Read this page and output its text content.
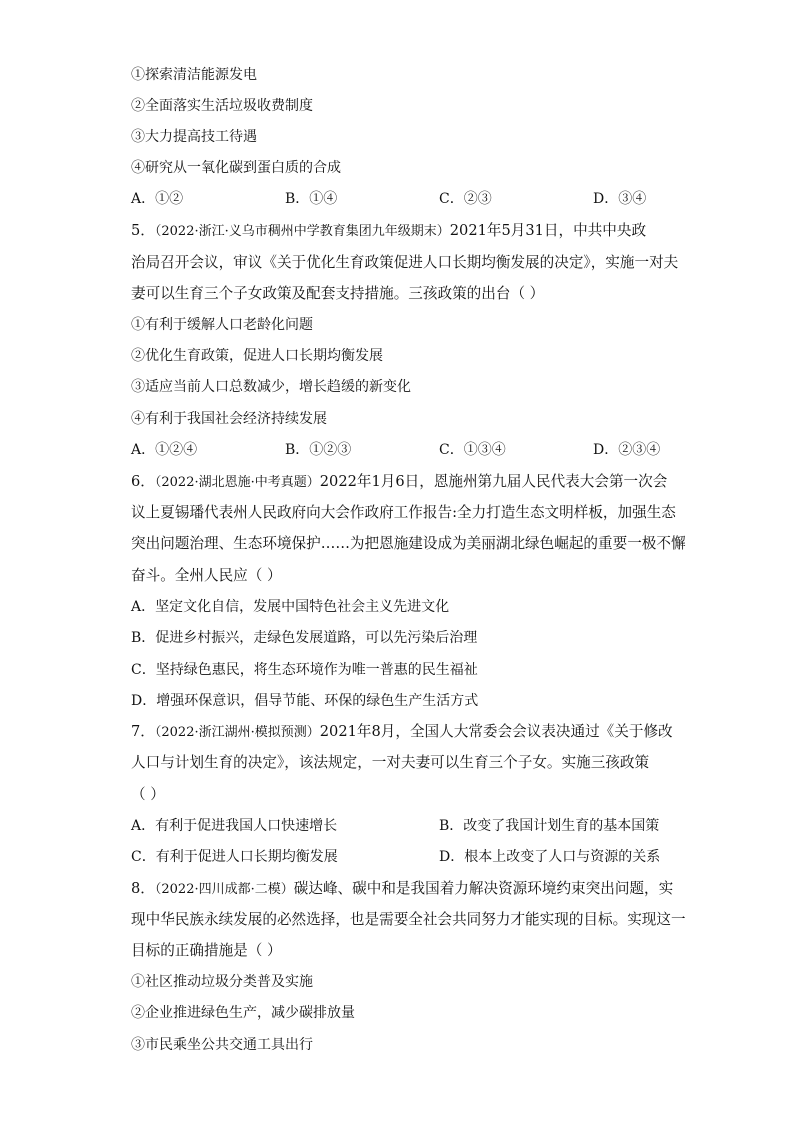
①探索清洁能源发电
②全面落实生活垃圾收费制度
③大力提高技工待遇
④研究从一氧化碳到蛋白质的合成
A．①②	B．①④	C．②③	D．③④
5．（2022·浙江·义乌市稠州中学教育集团九年级期末）2021年5月31日，中共中央政
治局召开会议，审议《关于优化生育政策促进人口长期均衡发展的决定》，实施一对夫
妻可以生育三个子女政策及配套支持措施。三孩政策的出台（ ）
①有利于缓解人口老龄化问题
②优化生育政策，促进人口长期均衡发展
③适应当前人口总数减少，增长趋缓的新变化
④有利于我国社会经济持续发展
A．①②④	B．①②③	C．①③④	D．②③④
6．（2022·湖北恩施·中考真题）2022年1月6日，恩施州第九届人民代表大会第一次会
议上夏锡璠代表州人民政府向大会作政府工作报告:全力打造生态文明样板，加强生态
突出问题治理、生态环境保护……为把恩施建设成为美丽湖北绿色崛起的重要一极不懈
奋斗。全州人民应（ ）
A．坚定文化自信，发展中国特色社会主义先进文化
B．促进乡村振兴，走绿色发展道路，可以先污染后治理
C．坚持绿色惠民，将生态环境作为唯一普惠的民生福祉
D．增强环保意识，倡导节能、环保的绿色生产生活方式
7．（2022·浙江湖州·模拟预测）2021年8月，全国人大常委会会议表决通过《关于修改
人口与计划生育的决定》，该法规定，一对夫妻可以生育三个子女。实施三孩政策
（ ）
A．有利于促进我国人口快速增长	B．改变了我国计划生育的基本国策
C．有利于促进人口长期均衡发展	D．根本上改变了人口与资源的关系
8．（2022·四川成都·二模）碳达峰、碳中和是我国着力解决资源环境约束突出问题，实
现中华民族永续发展的必然选择，也是需要全社会共同努力才能实现的目标。实现这一
目标的正确措施是（ ）
①社区推动垃圾分类普及实施
②企业推进绿色生产，减少碳排放量
③市民乘坐公共交通工具出行
